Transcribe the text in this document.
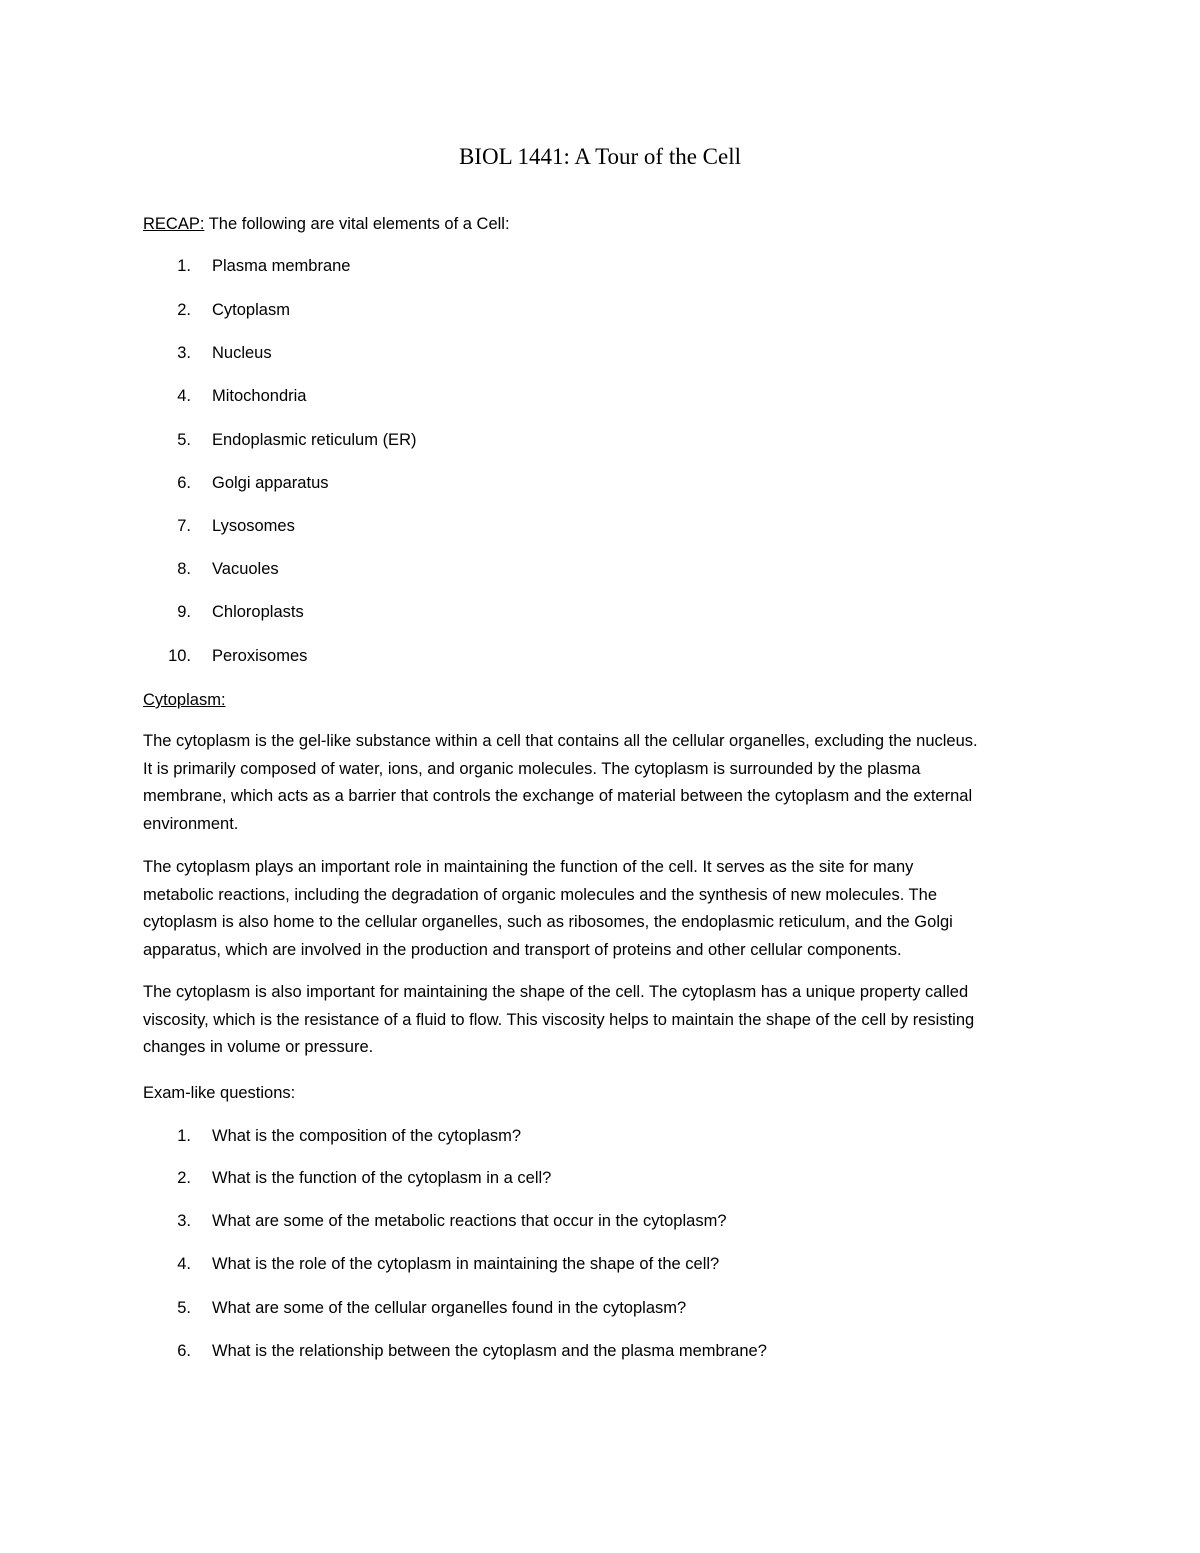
BIOL 1441: A Tour of the Cell
RECAP: The following are vital elements of a Cell:
1. Plasma membrane
2. Cytoplasm
3. Nucleus
4. Mitochondria
5. Endoplasmic reticulum (ER)
6. Golgi apparatus
7. Lysosomes
8. Vacuoles
9. Chloroplasts
10. Peroxisomes
Cytoplasm:
The cytoplasm is the gel-like substance within a cell that contains all the cellular organelles, excluding the nucleus.
It is primarily composed of water, ions, and organic molecules. The cytoplasm is surrounded by the plasma
membrane, which acts as a barrier that controls the exchange of material between the cytoplasm and the external
environment.
The cytoplasm plays an important role in maintaining the function of the cell. It serves as the site for many
metabolic reactions, including the degradation of organic molecules and the synthesis of new molecules. The
cytoplasm is also home to the cellular organelles, such as ribosomes, the endoplasmic reticulum, and the Golgi
apparatus, which are involved in the production and transport of proteins and other cellular components.
The cytoplasm is also important for maintaining the shape of the cell. The cytoplasm has a unique property called
viscosity, which is the resistance of a fluid to flow. This viscosity helps to maintain the shape of the cell by resisting
changes in volume or pressure.
Exam-like questions:
1. What is the composition of the cytoplasm?
2. What is the function of the cytoplasm in a cell?
3. What are some of the metabolic reactions that occur in the cytoplasm?
4. What is the role of the cytoplasm in maintaining the shape of the cell?
5. What are some of the cellular organelles found in the cytoplasm?
6. What is the relationship between the cytoplasm and the plasma membrane?
